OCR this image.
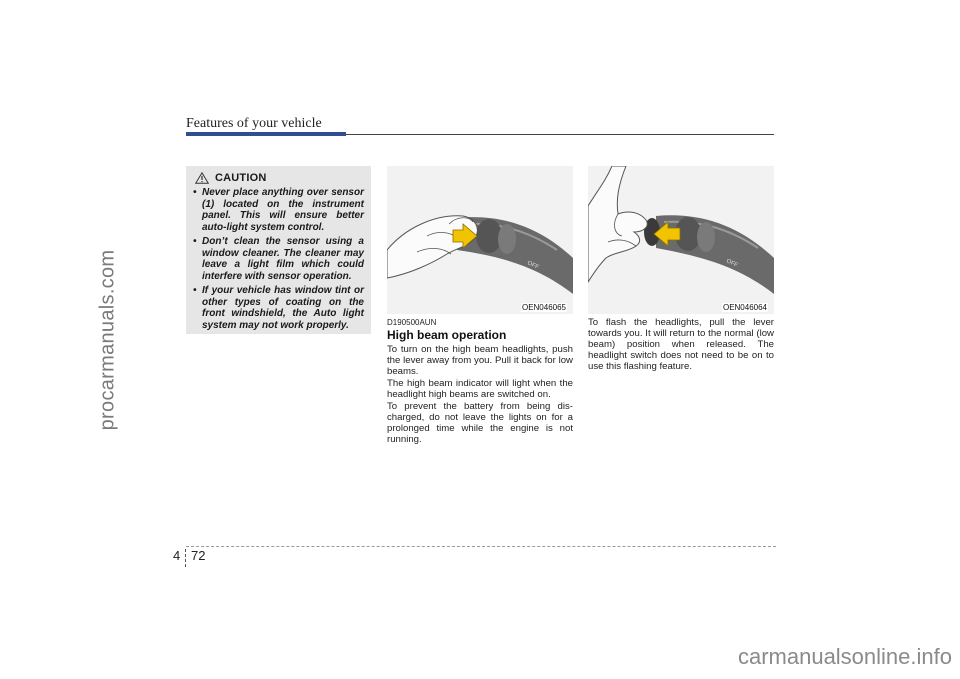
procarmanuals.com
Features of your vehicle
CAUTION
• Never place anything over sensor (1) located on the instrument panel. This will ensure better auto-light system control.
• Don’t clean the sensor using a window cleaner. The cleaner may leave a light film which could interfere with sensor operation.
• If your vehicle has window tint or other types of coating on the front windshield, the Auto light system may not work properly.
OFF
OEN046065
OFF
OEN046064
D190500AUN
High beam operation

To turn on the high beam headlights, push the lever away from you. Pull it back for low beams.

The high beam indicator will light when the headlight high beams are switched on.

To prevent the battery from being dis-charged, do not leave the lights on for a prolonged time while the engine is not running.

To flash the headlights, pull the lever towards you. It will return to the normal (low beam) position when released. The headlight switch does not need to be on to use this flashing feature.

4 72
carmanualsonline.info
